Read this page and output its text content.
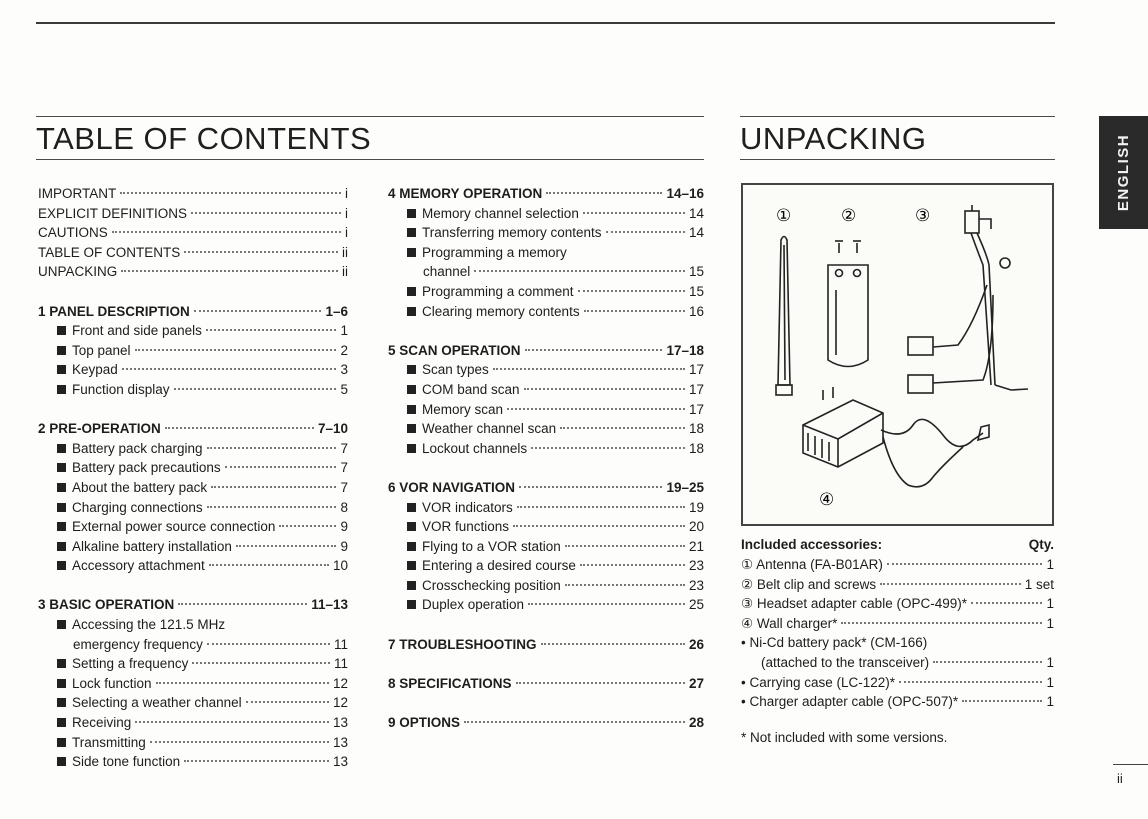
TABLE OF CONTENTS	UNPACKING	ENGLISH
IMPORTANT	i
EXPLICIT DEFINITIONS	i
CAUTIONS	i
TABLE OF CONTENTS	ii
UNPACKING	ii
1 PANEL DESCRIPTION	1–6
Front and side panels	1
Top panel	2
Keypad	3
Function display	5
2 PRE-OPERATION	7–10
Battery pack charging	7
Battery pack precautions	7
About the battery pack	7
Charging connections	8
External power source connection	9
Alkaline battery installation	9
Accessory attachment	10
3 BASIC OPERATION	11–13
Accessing the 121.5 MHz
emergency frequency	11
Setting a frequency	11
Lock function	12
Selecting a weather channel	12
Receiving	13
Transmitting	13
Side tone function	13
4 MEMORY OPERATION	14–16
Memory channel selection	14
Transferring memory contents	14
Programming a memory
channel	15
Programming a comment	15
Clearing memory contents	16
5 SCAN OPERATION	17–18
Scan types	17
COM band scan	17
Memory scan	17
Weather channel scan	18
Lockout channels	18
6 VOR NAVIGATION	19–25
VOR indicators	19
VOR functions	20
Flying to a VOR station	21
Entering a desired course	23
Crosschecking position	23
Duplex operation	25
7 TROUBLESHOOTING	26
8 SPECIFICATIONS	27
9 OPTIONS	28
①	②	③
④
Included accessories:	Qty.
① Antenna (FA-B01AR)	1
② Belt clip and screws	1 set
③ Headset adapter cable (OPC-499)*	1
④ Wall charger*	1
• Ni-Cd battery pack* (CM-166)
(attached to the transceiver)	1
• Carrying case (LC-122)*	1
• Charger adapter cable (OPC-507)*	1
* Not included with some versions.
ii
